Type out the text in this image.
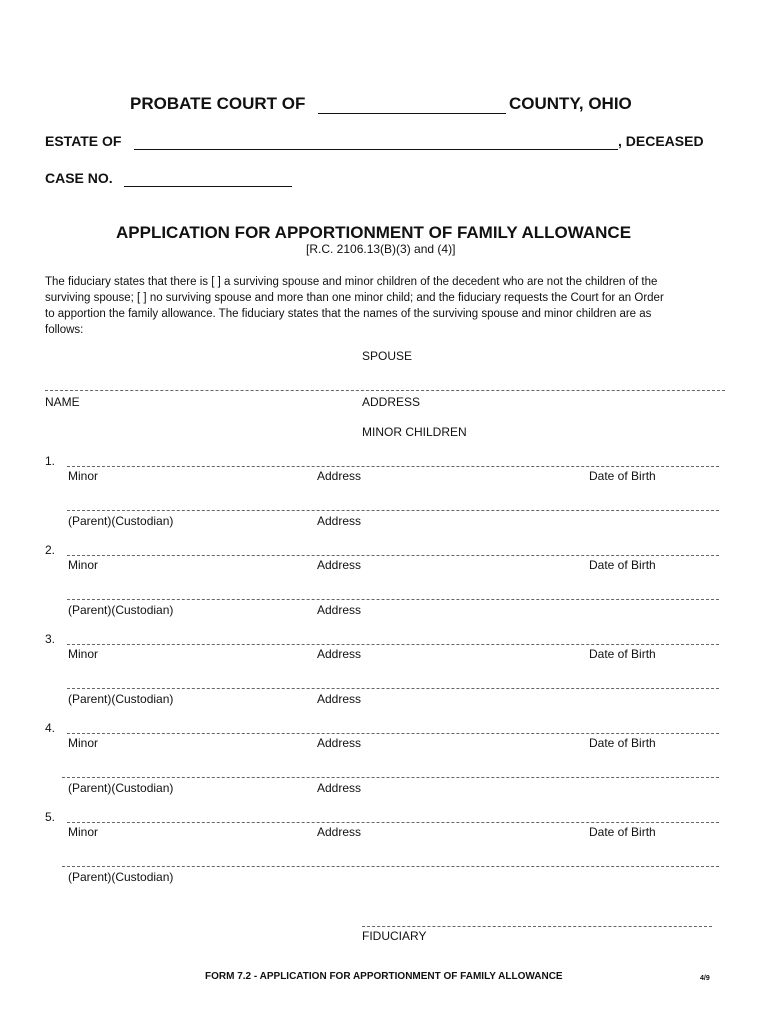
PROBATE COURT OF	COUNTY, OHIO
ESTATE OF	, DECEASED
CASE NO.
APPLICATION FOR APPORTIONMENT OF FAMILY ALLOWANCE
[R.C. 2106.13(B)(3) and (4)]
The fiduciary states that there is [ ] a surviving spouse and minor children of the decedent who are not the children of the
surviving spouse; [ ] no surviving spouse and more than one minor child; and the fiduciary requests the Court for an Order
to apportion the family allowance. The fiduciary states that the names of the surviving spouse and minor children are as
follows:
SPOUSE
NAME	ADDRESS
MINOR CHILDREN
1.
Minor	Address	Date of Birth
(Parent)(Custodian)	Address
2.
Minor	Address	Date of Birth
(Parent)(Custodian)	Address
3.
Minor	Address	Date of Birth
(Parent)(Custodian)	Address
4.
Minor	Address	Date of Birth
(Parent)(Custodian)	Address
5.
Minor	Address	Date of Birth
(Parent)(Custodian)
FIDUCIARY
FORM 7.2 - APPLICATION FOR APPORTIONMENT OF FAMILY ALLOWANCE	4/9
